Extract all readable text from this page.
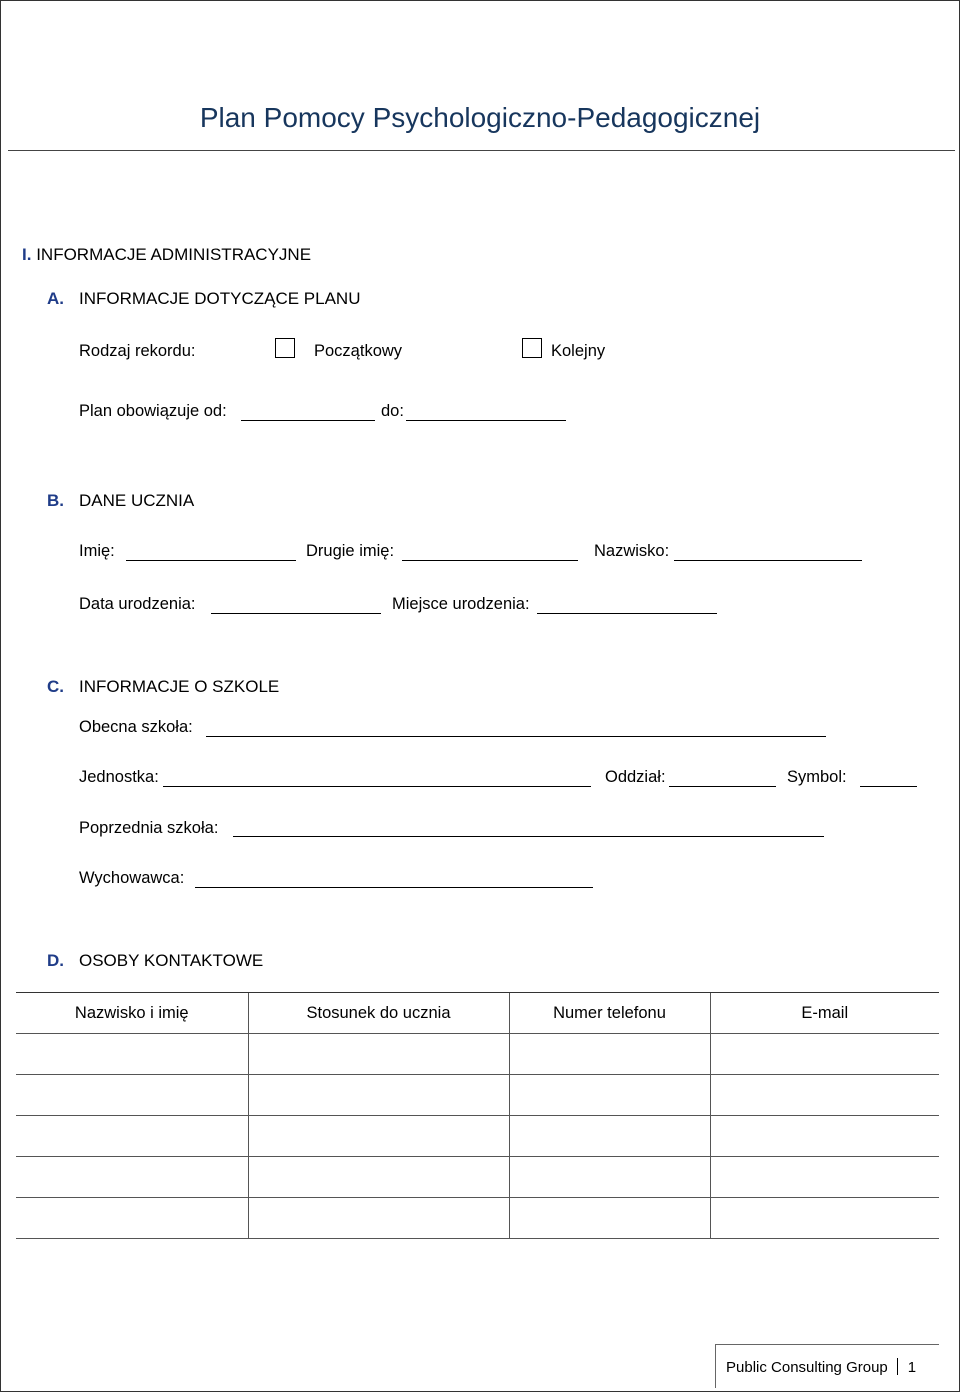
Plan Pomocy Psychologiczno-Pedagogicznej
I. INFORMACJE ADMINISTRACYJNE
A. INFORMACJE DOTYCZĄCE PLANU
Rodzaj rekordu:	Początkowy	Kolejny
Plan obowiązuje od:	do:
B. DANE UCZNIA
Imię:	Drugie imię:	Nazwisko:
Data urodzenia:	Miejsce urodzenia:
C. INFORMACJE O SZKOLE
Obecna szkoła:
Jednostka:	Oddział:	Symbol:
Poprzednia szkoła:
Wychowawca:
D. OSOBY KONTAKTOWE
Nazwisko i imię	Stosunek do ucznia	Numer telefonu	E-mail

Public Consulting Group 1
